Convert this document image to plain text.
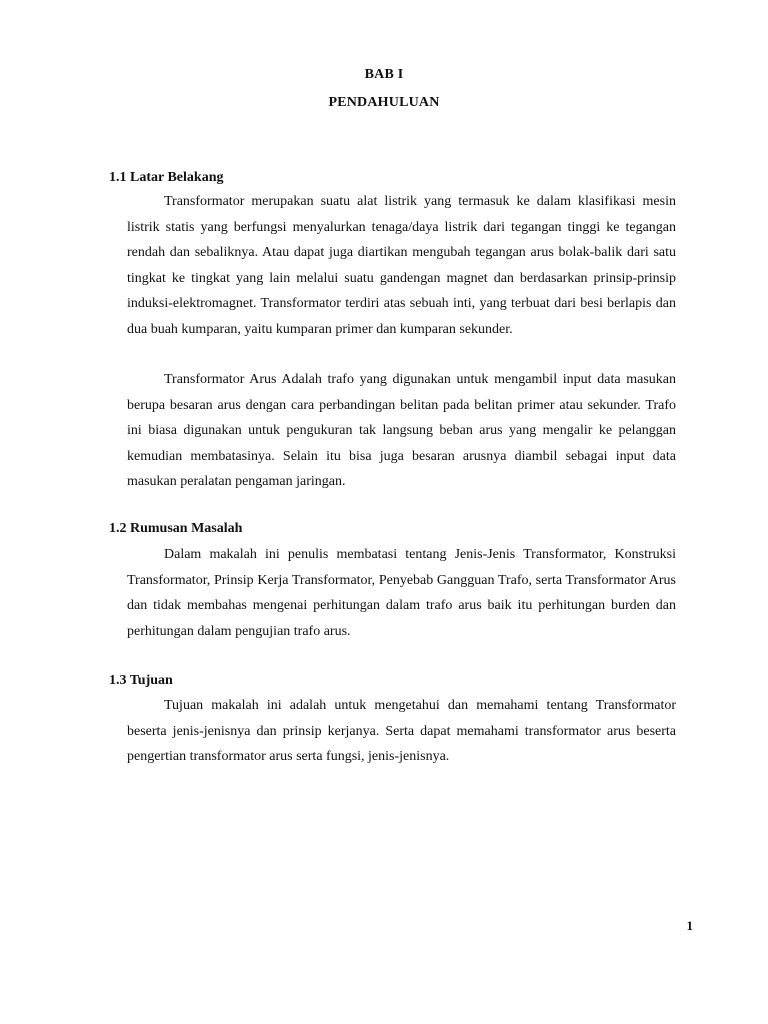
BAB I
PENDAHULUAN
1.1 Latar Belakang

Transformator merupakan suatu alat listrik yang termasuk ke dalam klasifikasi mesin listrik statis yang berfungsi menyalurkan tenaga/daya listrik dari tegangan tinggi ke tegangan rendah dan sebaliknya. Atau dapat juga diartikan mengubah tegangan arus bolak-balik dari satu tingkat ke tingkat yang lain melalui suatu gandengan magnet dan berdasarkan prinsip-prinsip induksi-elektromagnet. Transformator terdiri atas sebuah inti, yang terbuat dari besi berlapis dan dua buah kumparan, yaitu kumparan primer dan kumparan sekunder.

Transformator Arus Adalah trafo yang digunakan untuk mengambil input data masukan berupa besaran arus dengan cara perbandingan belitan pada belitan primer atau sekunder. Trafo ini biasa digunakan untuk pengukuran tak langsung beban arus yang mengalir ke pelanggan kemudian membatasinya. Selain itu bisa juga besaran arusnya diambil sebagai input data masukan peralatan pengaman jaringan.

1.2 Rumusan Masalah

Dalam makalah ini penulis membatasi tentang Jenis-Jenis Transformator, Konstruksi Transformator, Prinsip Kerja Transformator, Penyebab Gangguan Trafo, serta Transformator Arus dan tidak membahas mengenai perhitungan dalam trafo arus baik itu perhitungan burden dan perhitungan dalam pengujian trafo arus.

1.3 Tujuan

Tujuan makalah ini adalah untuk mengetahui dan memahami tentang Transformator beserta jenis-jenisnya dan prinsip kerjanya. Serta dapat memahami transformator arus beserta pengertian transformator arus serta fungsi, jenis-jenisnya.

1
